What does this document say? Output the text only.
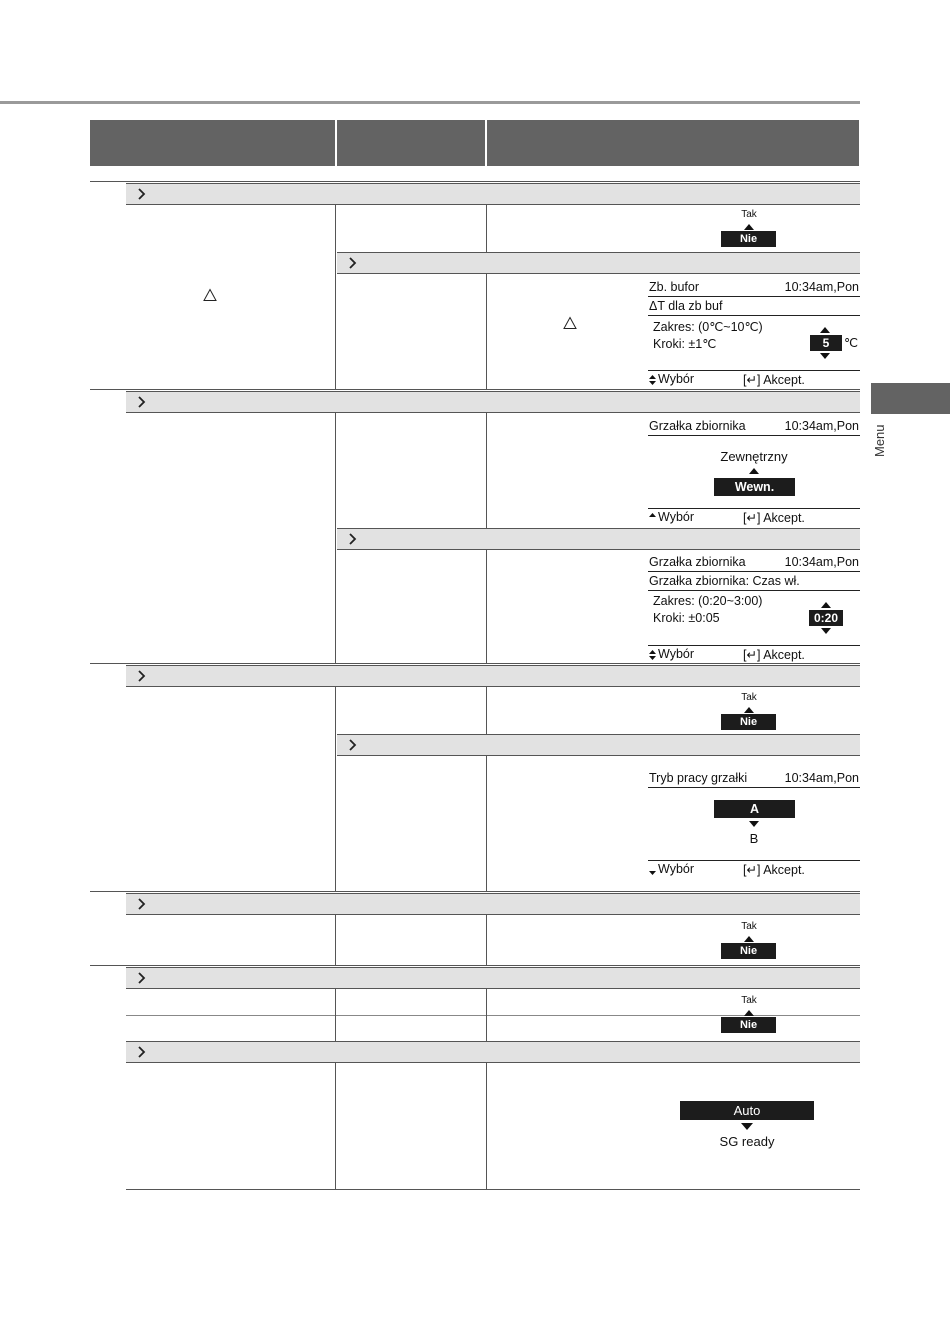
Tak
Nie
Tak
Nie
Tak
Nie
Tak
Nie
Zb. bufor	10:34am,Pon
ΔT dla zb buf
Zakres: (0℃~10℃)
Kroki: ±1℃	5	℃
Wybór	[↵] Akcept.
Grzałka zbiornika	10:34am,Pon
Zewnętrzny
Wewn.
Wybór	[↵] Akcept.
Grzałka zbiornika	10:34am,Pon
Grzałka zbiornika: Czas wł.
Zakres: (0:20~3:00)
Kroki: ±0:05	0:20
Wybór	[↵] Akcept.
Tryb pracy grzałki	10:34am,Pon
A
B
Wybór	[↵] Akcept.
Auto
SG ready
Menu
